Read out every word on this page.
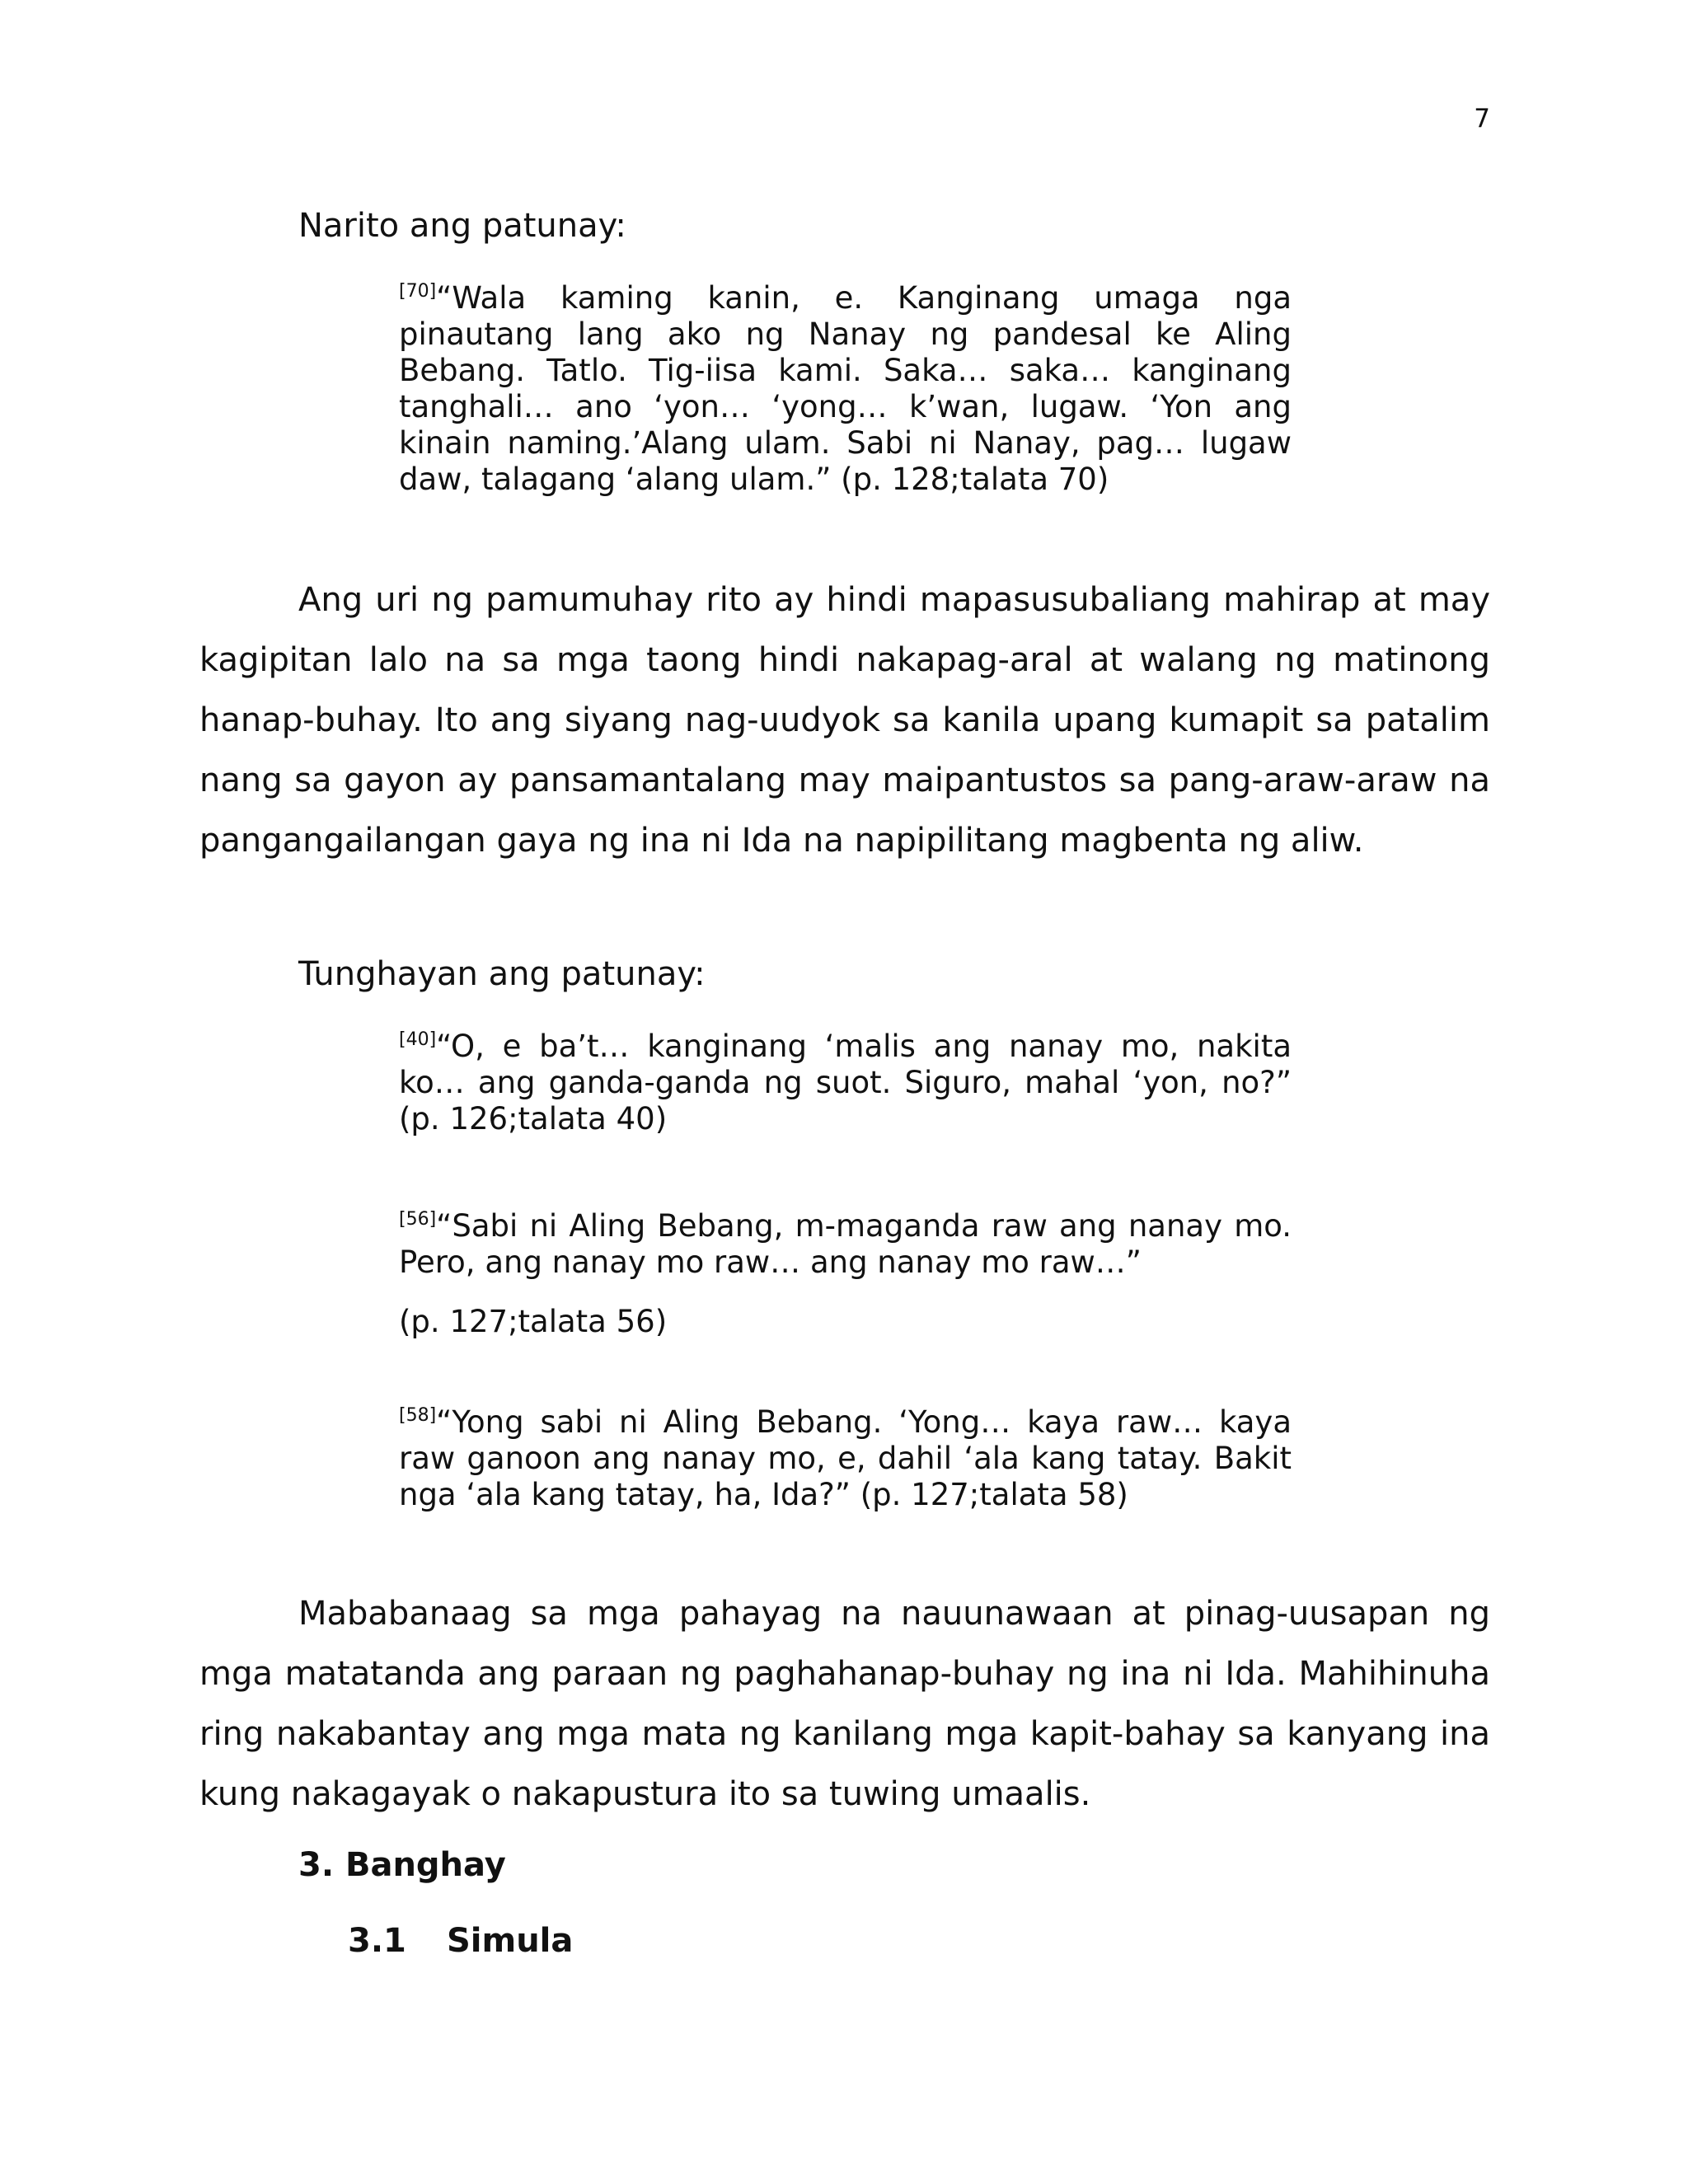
7
Narito ang patunay:
[70]“Wala kaming kanin, e. Kanginang umaga nga pinautang lang ako ng Nanay ng pandesal ke Aling Bebang. Tatlo. Tig-iisa kami. Saka… saka… kanginang tanghali… ano ‘yon… ‘yong… k’wan, lugaw. ‘Yon ang kinain naming.’Alang ulam. Sabi ni Nanay, pag… lugaw daw, talagang ‘alang ulam.” (p. 128;talata 70)
Ang uri ng pamumuhay rito ay hindi mapasusubaliang mahirap at may kagipitan lalo na sa mga taong hindi nakapag-aral at walang ng matinong hanap-buhay. Ito ang siyang nag-uudyok sa kanila upang kumapit sa patalim nang sa gayon ay pansamantalang may maipantustos sa pang-araw-araw na pangangailangan gaya ng ina ni Ida na napipilitang magbenta ng aliw.
Tunghayan ang patunay:
[40]“O, e ba’t… kanginang ‘malis ang nanay mo, nakita ko… ang ganda-ganda ng suot. Siguro, mahal ‘yon, no?” (p. 126;talata 40)
[56]“Sabi ni Aling Bebang, m-maganda raw ang nanay mo. Pero, ang nanay mo raw… ang nanay mo raw…”
(p. 127;talata 56)
[58]“Yong sabi ni Aling Bebang. ‘Yong… kaya raw… kaya raw ganoon ang nanay mo, e, dahil ‘ala kang tatay. Bakit nga ‘ala kang tatay, ha, Ida?” (p. 127;talata 58)
Mababanaag sa mga pahayag na nauunawaan at pinag-uusapan ng mga matatanda ang paraan ng paghahanap-buhay ng ina ni Ida. Mahihinuha ring nakabantay ang mga mata ng kanilang mga kapit-bahay sa kanyang ina kung nakagayak o nakapustura ito sa tuwing umaalis.
3. Banghay
3.1 Simula
